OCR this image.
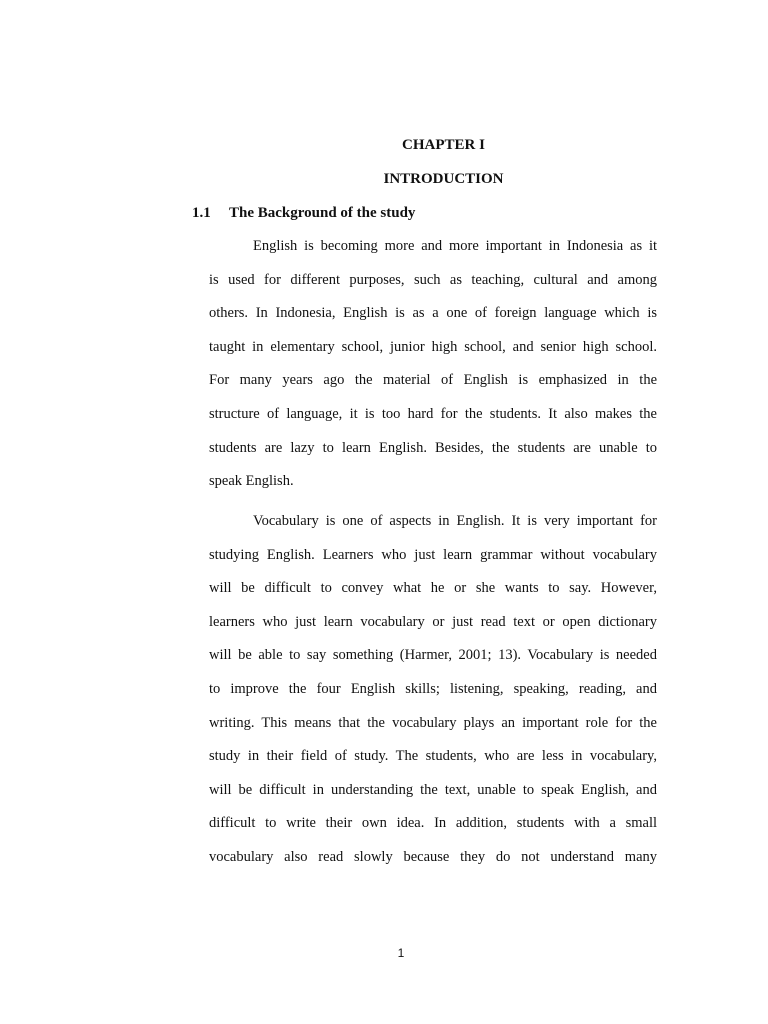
CHAPTER I
INTRODUCTION
1.1 The Background of the study

English is becoming more and more important in Indonesia as it
is used for different purposes, such as teaching, cultural and among
others. In Indonesia, English is as a one of foreign language which is
taught in elementary school, junior high school, and senior high school.
For many years ago the material of English is emphasized in the
structure of language, it is too hard for the students. It also makes the
students are lazy to learn English. Besides, the students are unable to
speak English.

Vocabulary is one of aspects in English. It is very important for
studying English. Learners who just learn grammar without vocabulary
will be difficult to convey what he or she wants to say. However,
learners who just learn vocabulary or just read text or open dictionary
will be able to say something (Harmer, 2001; 13). Vocabulary is needed
to improve the four English skills; listening, speaking, reading, and
writing. This means that the vocabulary plays an important role for the
study in their field of study. The students, who are less in vocabulary,
will be difficult in understanding the text, unable to speak English, and
difficult to write their own idea. In addition, students with a small
vocabulary also read slowly because they do not understand many

1
